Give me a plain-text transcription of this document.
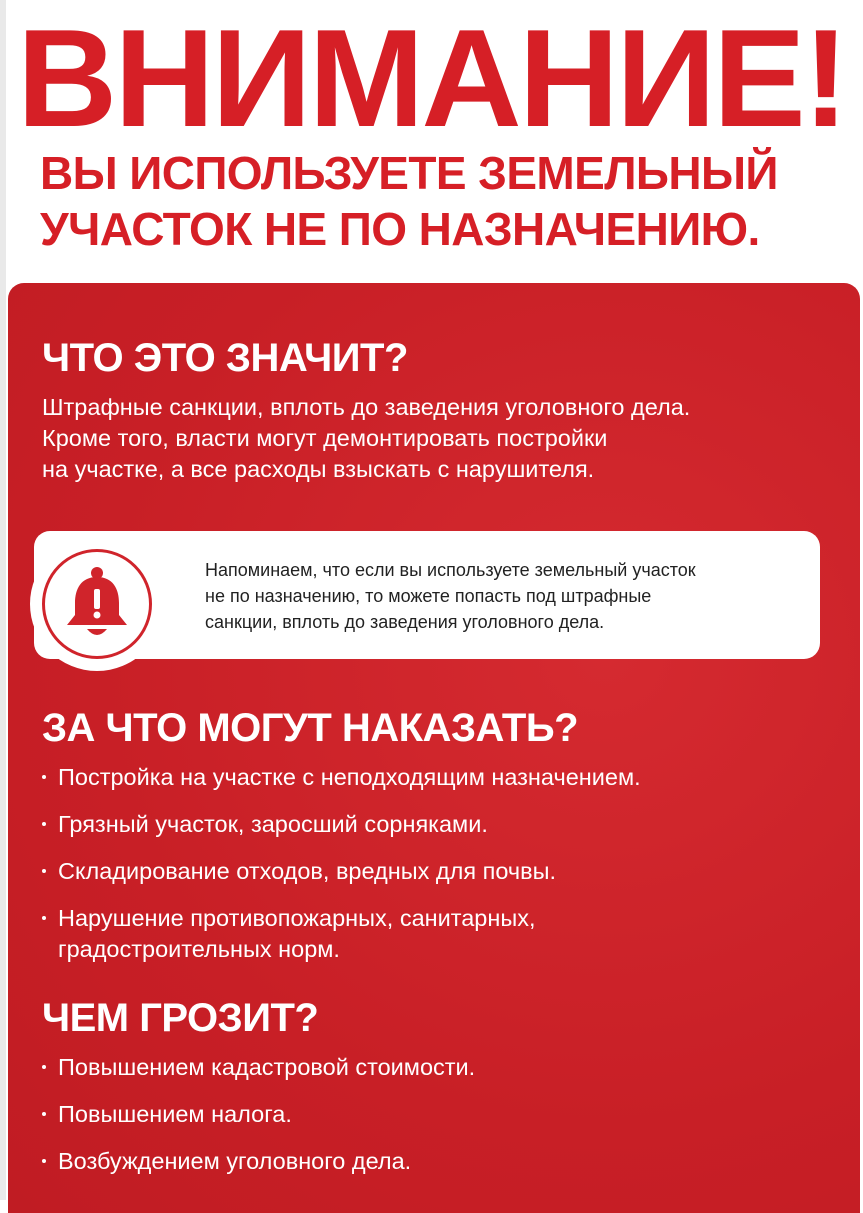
ВНИМАНИЕ!
ВЫ ИСПОЛЬЗУЕТЕ ЗЕМЕЛЬНЫЙ
УЧАСТОК НЕ ПО НАЗНАЧЕНИЮ.
ЧТО ЭТО ЗНАЧИТ?

Штрафные санкции, вплоть до заведения уголовного дела.
Кроме того, власти могут демонтировать постройки
на участке, а все расходы взыскать с нарушителя.

Напоминаем, что если вы используете земельный участок
не по назначению, то можете попасть под штрафные
санкции, вплоть до заведения уголовного дела.

ЗА ЧТО МОГУТ НАКАЗАТЬ?
Постройка на участке с неподходящим назначением.
Грязный участок, заросший сорняками.
Складирование отходов, вредных для почвы.
Нарушение противопожарных, санитарных,
градостроительных норм.
ЧЕМ ГРОЗИТ?
Повышением кадастровой стоимости.
Повышением налога.
Возбуждением уголовного дела.
